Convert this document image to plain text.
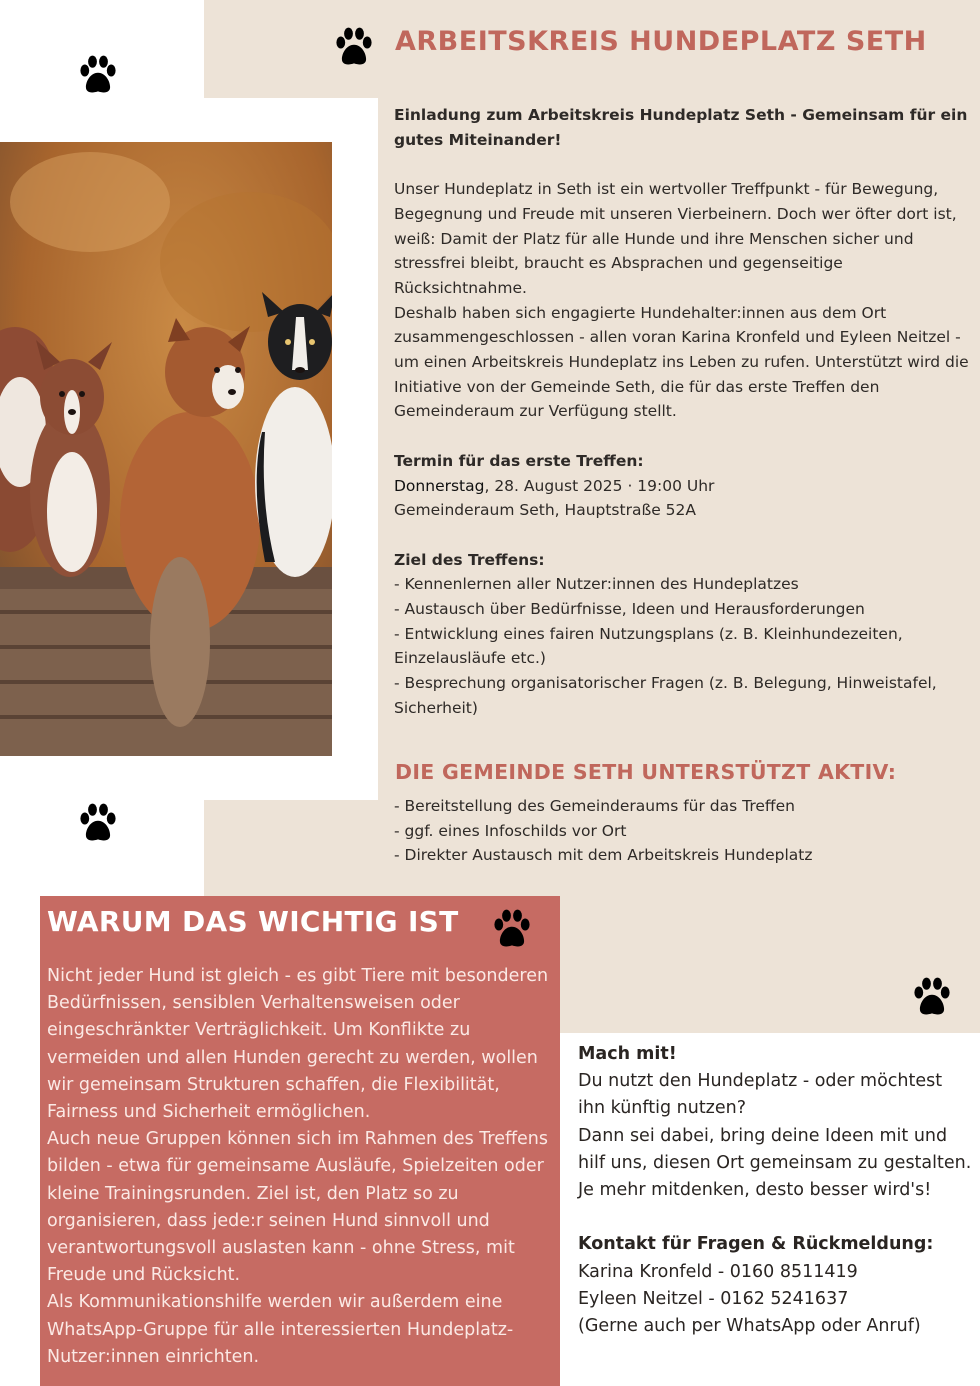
ARBEITSKREIS HUNDEPLATZ SETH

Einladung zum Arbeitskreis Hundeplatz Seth - Gemeinsam für ein gutes Miteinander!

Unser Hundeplatz in Seth ist ein wertvoller Treffpunkt - für Bewegung, Begegnung und Freude mit unseren Vierbeinern. Doch wer öfter dort ist, weiß: Damit der Platz für alle Hunde und ihre Menschen sicher und stressfrei bleibt, braucht es Absprachen und gegenseitige Rücksichtnahme.

Deshalb haben sich engagierte Hundehalter:innen aus dem Ort zusammengeschlossen - allen voran Karina Kronfeld und Eyleen Neitzel - um einen Arbeitskreis Hundeplatz ins Leben zu rufen. Unterstützt wird die Initiative von der Gemeinde Seth, die für das erste Treffen den Gemeinderaum zur Verfügung stellt.

Termin für das erste Treffen:

Donnerstag, 28. August 2025 · 19:00 Uhr

Gemeinderaum Seth, Hauptstraße 52A

Ziel des Treffens:

- Kennenlernen aller Nutzer:innen des Hundeplatzes

- Austausch über Bedürfnisse, Ideen und Herausforderungen

- Entwicklung eines fairen Nutzungsplans (z. B. Kleinhundezeiten, Einzelausläufe etc.)

- Besprechung organisatorischer Fragen (z. B. Belegung, Hinweistafel, Sicherheit)

DIE GEMEINDE SETH UNTERSTÜTZT AKTIV:
- Bereitstellung des Gemeinderaums für das Treffen
- ggf. eines Infoschilds vor Ort
- Direkter Austausch mit dem Arbeitskreis Hundeplatz
WARUM DAS WICHTIG IST
Nicht jeder Hund ist gleich - es gibt Tiere mit besonderen Bedürfnissen, sensiblen Verhaltensweisen oder eingeschränkter Verträglichkeit. Um Konflikte zu vermeiden und allen Hunden gerecht zu werden, wollen wir gemeinsam Strukturen schaffen, die Flexibilität, Fairness und Sicherheit ermöglichen.
Auch neue Gruppen können sich im Rahmen des Treffens bilden - etwa für gemeinsame Ausläufe, Spielzeiten oder kleine Trainingsrunden. Ziel ist, den Platz so zu organisieren, dass jede:r seinen Hund sinnvoll und verantwortungsvoll auslasten kann - ohne Stress, mit Freude und Rücksicht.
Als Kommunikationshilfe werden wir außerdem eine WhatsApp-Gruppe für alle interessierten Hundeplatz-Nutzer:innen einrichten.

Mach mit!

Du nutzt den Hundeplatz - oder möchtest ihn künftig nutzen?

Dann sei dabei, bring deine Ideen mit und hilf uns, diesen Ort gemeinsam zu gestalten. Je mehr mitdenken, desto besser wird's!

Kontakt für Fragen & Rückmeldung:

Karina Kronfeld - 0160 8511419

Eyleen Neitzel - 0162 5241637

(Gerne auch per WhatsApp oder Anruf)
